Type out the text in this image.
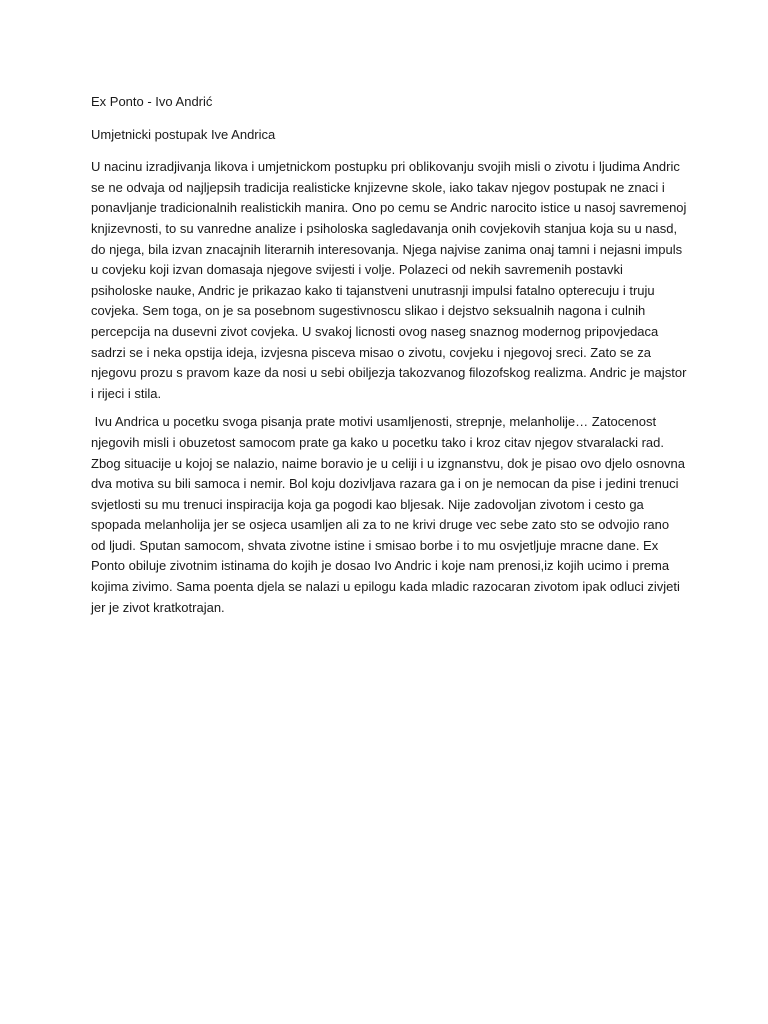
Ex Ponto - Ivo Andrić
Umjetnicki postupak Ive Andrica

U nacinu izradjivanja likova i umjetnickom postupku pri oblikovanju svojih misli o zivotu i ljudima Andric se ne odvaja od najljepsih tradicija realisticke knjizevne skole, iako takav njegov postupak ne znaci i ponavljanje tradicionalnih realistickih manira. Ono po cemu se Andric narocito istice u nasoj savremenoj knjizevnosti, to su vanredne analize i psiholoska sagledavanja onih covjekovih stanjua koja su u nasd, do njega, bila izvan znacajnih literarnih interesovanja. Njega najvise zanima onaj tamni i nejasni impuls u covjeku koji izvan domasaja njegove svijesti i volje. Polazeci od nekih savremenih postavki psiholoske nauke, Andric je prikazao kako ti tajanstveni unutrasnji impulsi fatalno opterecuju i truju covjeka. Sem toga, on je sa posebnom sugestivnoscu slikao i dejstvo seksualnih nagona i culnih percepcija na dusevni zivot covjeka. U svakoj licnosti ovog naseg snaznog modernog pripovjedaca sadrzi se i neka opstija ideja, izvjesna pisceva misao o zivotu, covjeku i njegovoj sreci. Zato se za njegovu prozu s pravom kaze da nosi u sebi obiljezja takozvanog filozofskog realizma. Andric je majstor i rijeci i stila.

Ivu Andrica u pocetku svoga pisanja prate motivi usamljenosti, strepnje, melanholije… Zatocenost njegovih misli i obuzetost samocom prate ga kako u pocetku tako i kroz citav njegov stvaralacki rad. Zbog situacije u kojoj se nalazio, naime boravio je u celiji i u izgnanstvu, dok je pisao ovo djelo osnovna dva motiva su bili samoca i nemir. Bol koju dozivljava razara ga i on je nemocan da pise i jedini trenuci svjetlosti su mu trenuci inspiracija koja ga pogodi kao bljesak. Nije zadovoljan zivotom i cesto ga spopada melanholija jer se osjeca usamljen ali za to ne krivi druge vec sebe zato sto se odvojio rano od ljudi. Sputan samocom, shvata zivotne istine i smisao borbe i to mu osvjetljuje mracne dane. Ex Ponto obiluje zivotnim istinama do kojih je dosao Ivo Andric i koje nam prenosi,iz kojih ucimo i prema kojima zivimo. Sama poenta djela se nalazi u epilogu kada mladic razocaran zivotom ipak odluci zivjeti jer je zivot kratkotrajan.
